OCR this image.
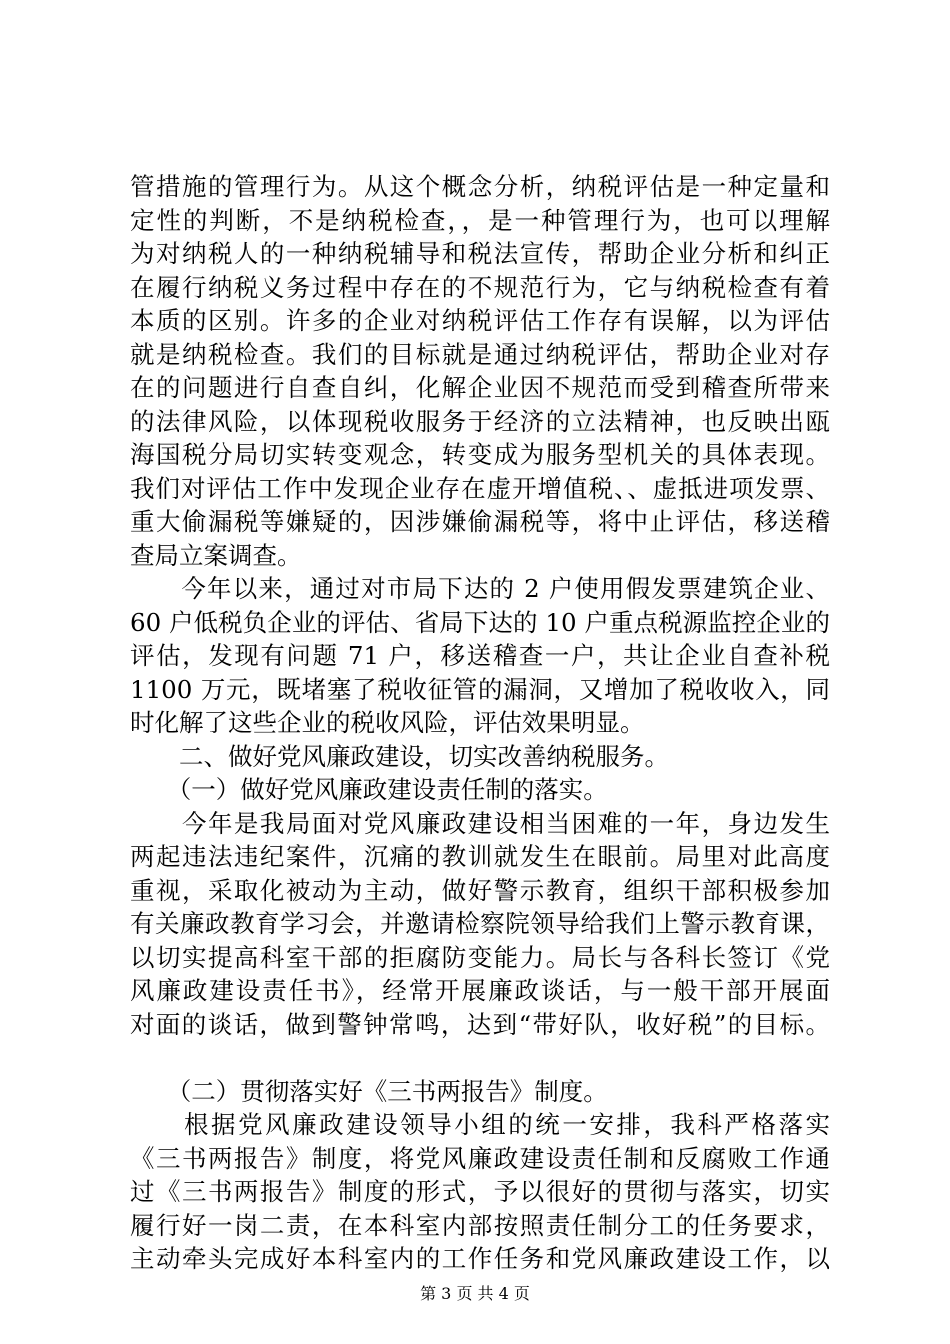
管措施的管理行为。从这个概念分析，纳税评估是一种定量和
定性的判断，不是纳税检查，，是一种管理行为，也可以理解
为对纳税人的一种纳税辅导和税法宣传，帮助企业分析和纠正
在履行纳税义务过程中存在的不规范行为，它与纳税检查有着
本质的区别。许多的企业对纳税评估工作存有误解，以为评估
就是纳税检查。我们的目标就是通过纳税评估，帮助企业对存
在的问题进行自查自纠，化解企业因不规范而受到稽查所带来
的法律风险，以体现税收服务于经济的立法精神，也反映出瓯
海国税分局切实转变观念，转变成为服务型机关的具体表现。
我们对评估工作中发现企业存在虚开增值税、、虚抵进项发票、
重大偷漏税等嫌疑的，因涉嫌偷漏税等，将中止评估，移送稽
查局立案调查。
　　今年以来，通过对市局下达的 2 户使用假发票建筑企业、
60 户低税负企业的评估、省局下达的 10 户重点税源监控企业的
评估，发现有问题 71 户，移送稽查一户，共让企业自查补税
1100 万元，既堵塞了税收征管的漏洞，又增加了税收收入，同
时化解了这些企业的税收风险，评估效果明显。
　　二、做好党风廉政建设，切实改善纳税服务。
　　（一）做好党风廉政建设责任制的落实。
　　今年是我局面对党风廉政建设相当困难的一年，身边发生
两起违法违纪案件，沉痛的教训就发生在眼前。局里对此高度
重视，采取化被动为主动，做好警示教育，组织干部积极参加
有关廉政教育学习会，并邀请检察院领导给我们上警示教育课，
以切实提高科室干部的拒腐防变能力。局长与各科长签订《党
风廉政建设责任书》，经常开展廉政谈话，与一般干部开展面
对面的谈话，做到警钟常鸣，达到“带好队，收好税”的目标。
　　（二）贯彻落实好《三书两报告》制度。
　　根据党风廉政建设领导小组的统一安排，我科严格落实
《三书两报告》制度，将党风廉政建设责任制和反腐败工作通
过《三书两报告》制度的形式，予以很好的贯彻与落实，切实
履行好一岗二责，在本科室内部按照责任制分工的任务要求，
主动牵头完成好本科室内的工作任务和党风廉政建设工作，以
第 3 页 共 4 页
